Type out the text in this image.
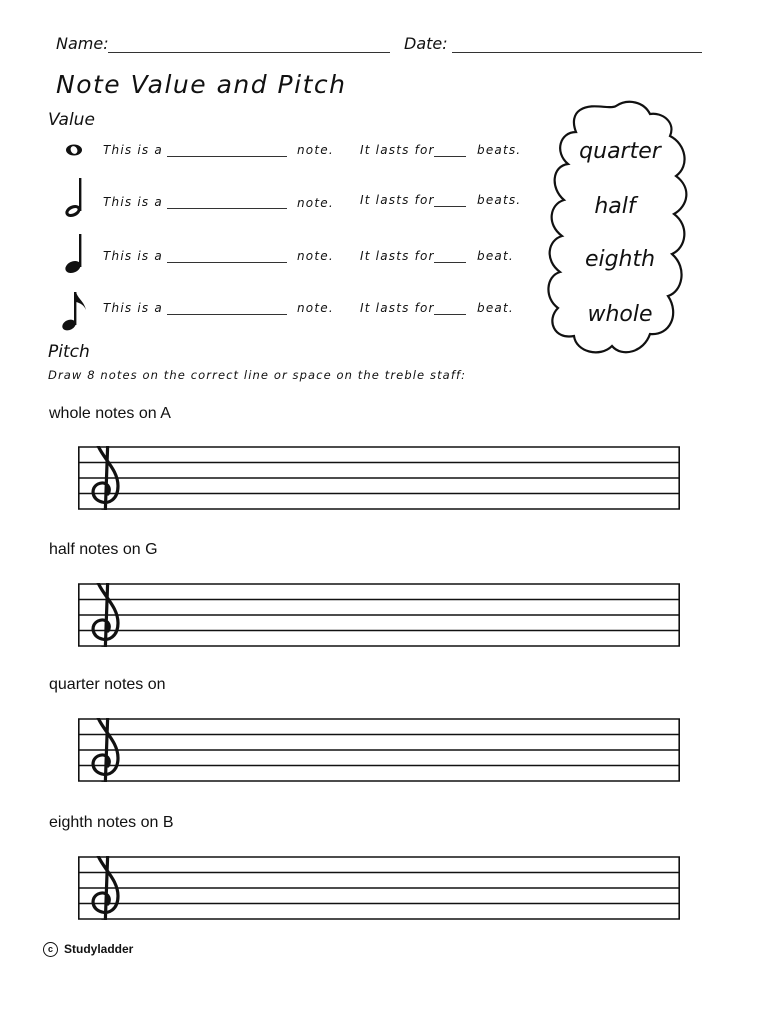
Name:	Date:
Note Value and Pitch
Value
This is a	note. It lasts for	beats.
This is a	note. It lasts for	beats.
This is a	note. It lasts for	beat.
This is a	note. It lasts for	beat.
quarter
half
eighth
whole
Pitch
Draw 8 notes on the correct line or space on the treble staff:
whole notes on A
half notes on G
quarter notes on
eighth notes on B
c Studyladder
